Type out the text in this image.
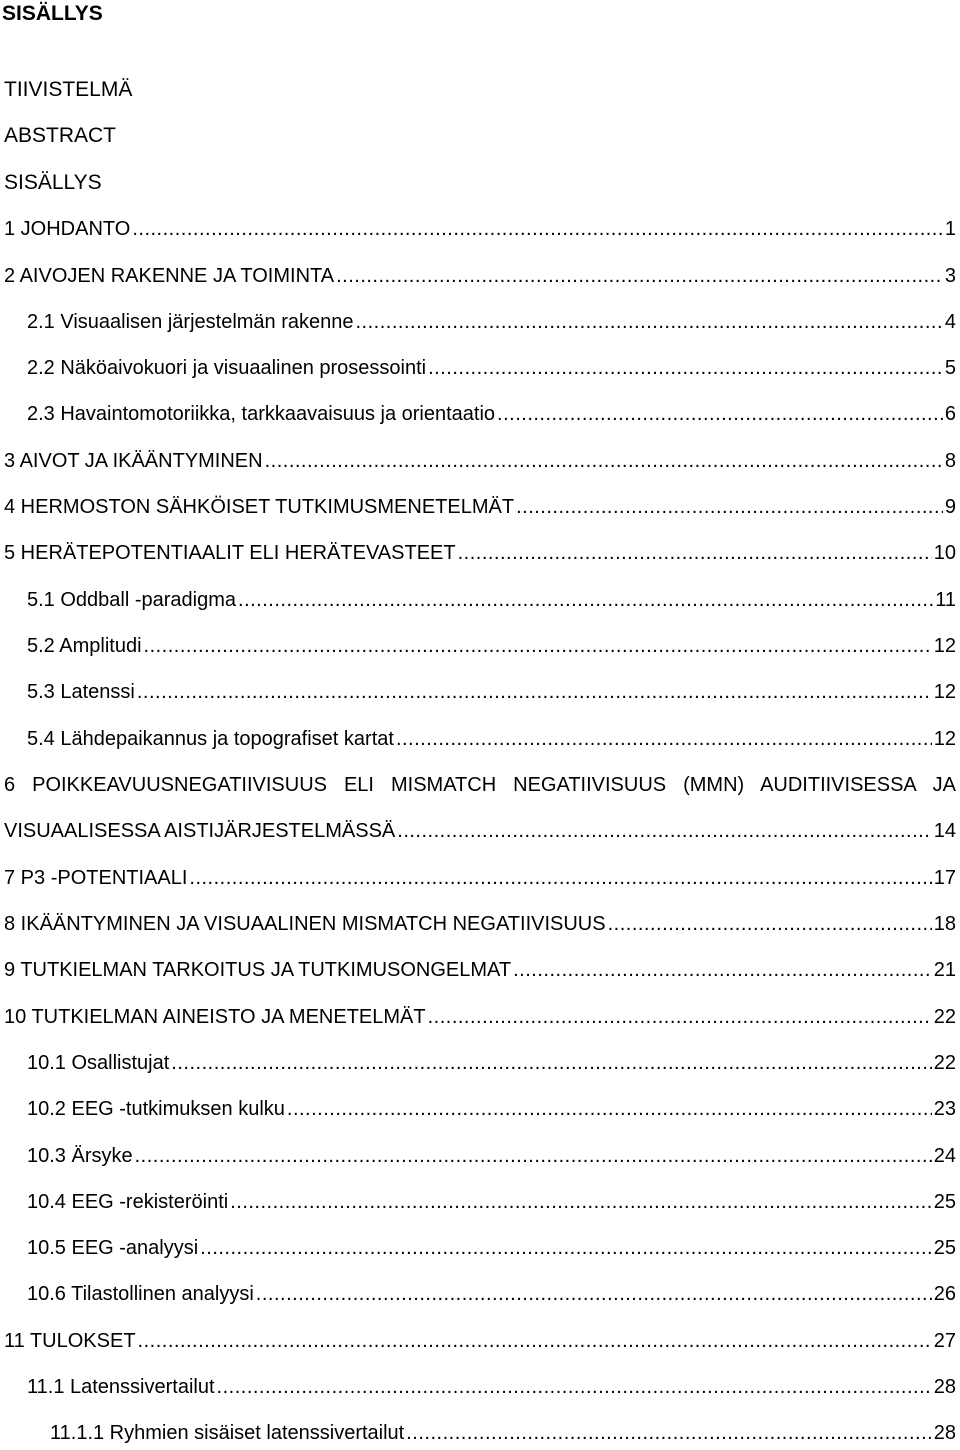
SISÄLLYS
TIIVISTELMÄ
ABSTRACT
SISÄLLYS
1 JOHDANTO .....	1
2 AIVOJEN RAKENNE JA TOIMINTA .....	3
2.1 Visuaalisen järjestelmän rakenne .....	4
2.2 Näköaivokuori ja visuaalinen prosessointi .....	5
2.3 Havaintomotoriikka, tarkkaavaisuus ja orientaatio .....	6
3 AIVOT JA IKÄÄNTYMINEN .....	8
4 HERMOSTON SÄHKÖISET TUTKIMUSMENETELMÄT .....	9
5 HERÄTEPOTENTIAALIT ELI HERÄTEVASTEET .....	10
5.1 Oddball -paradigma .....	11
5.2 Amplitudi .....	12
5.3 Latenssi .....	12
5.4 Lähdepaikannus ja topografiset kartat .....	12
6 POIKKEAVUUSNEGATIIVISUUS ELI MISMATCH NEGATIIVISUUS (MMN) AUDITIIVISESSA JA
VISUAALISESSA AISTIJÄRJESTELMÄSSÄ .....	14
7 P3 -POTENTIAALI .....	17
8 IKÄÄNTYMINEN JA VISUAALINEN MISMATCH NEGATIIVISUUS .....	18
9 TUTKIELMAN TARKOITUS JA TUTKIMUSONGELMAT .....	21
10 TUTKIELMAN AINEISTO JA MENETELMÄT .....	22
10.1 Osallistujat .....	22
10.2 EEG -tutkimuksen kulku .....	23
10.3 Ärsyke .....	24
10.4 EEG -rekisteröinti .....	25
10.5 EEG -analyysi .....	25
10.6 Tilastollinen analyysi .....	26
11 TULOKSET .....	27
11.1 Latenssivertailut .....	28
11.1.1 Ryhmien sisäiset latenssivertailut .....	28
